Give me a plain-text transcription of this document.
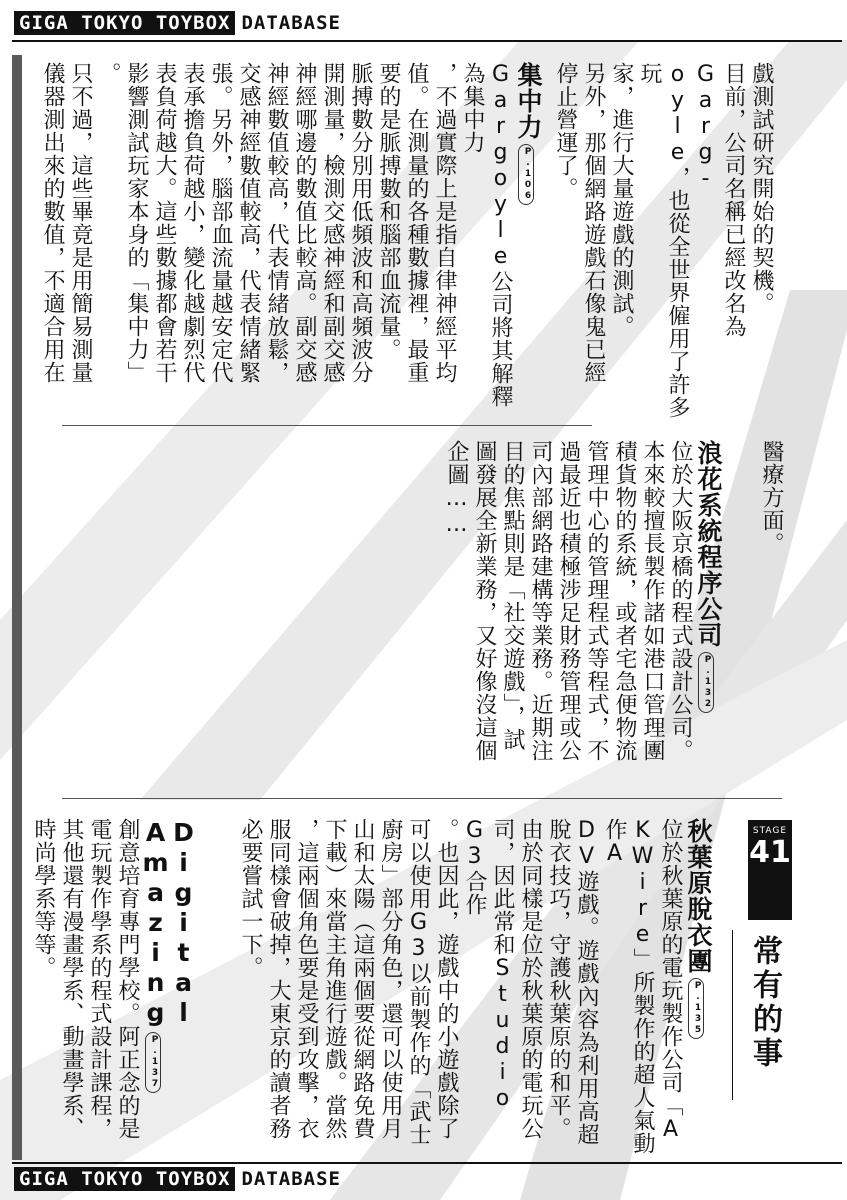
GIGA TOKYO TOYBOX DATABASE
戲測試研究開始的契機。
目前，公司名稱已經改名為Garg-
oyle，也從全世界僱用了許多玩
家，進行大量遊戲的測試。
另外，那個網路遊戲石像鬼已經
停止營運了。
集中力P.106
Gargoyle公司將其解釋為集中力
，不過實際上是指自律神經平均
值。在測量的各種數據裡，最重
要的是脈搏數和腦部血流量。
脈搏數分別用低頻波和高頻波分
開測量，檢測交感神經和副交感
神經哪邊的數值比較高。副交感
神經數值較高，代表情緒放鬆，
交感神經數值較高，代表情緒緊
張。另外，腦部血流量越安定代
表承擔負荷越小，變化越劇烈代
表負荷越大。這些數據都會若干
影響測試玩家本身的「集中力」
。
只不過，這些畢竟是用簡易測量
儀器測出來的數值，不適合用在
醫療方面。
浪花系統程序公司P.132
位於大阪京橋的程式設計公司。
本來較擅長製作諸如港口管理團
積貨物的系統，或者宅急便物流
管理中心的管理程式等程式，不
過最近也積極涉足財務管理或公
司內部網路建構等業務。近期注
目的焦點則是「社交遊戲」，試
圖發展全新業務，又好像沒這個
企圖……
STAGE
41
常有的事
秋葉原脫衣團P.135
位於秋葉原的電玩製作公司「A
KWire」所製作的超人氣動作A
DV遊戲。遊戲內容為利用高超
脫衣技巧，守護秋葉原的和平。
由於同樣是位於秋葉原的電玩公
司，因此常和Studio G3合作
。也因此，遊戲中的小遊戲除了
可以使用G3以前製作的「武士
廚房」部分角色，還可以使用月
山和太陽（這兩個要從網路免費
下載）來當主角進行遊戲。當然
，這兩個角色要是受到攻擊，衣
服同樣會破掉，大東京的讀者務
必要嘗試一下。
Digital AmazingP.137
創意培育專門學校。阿正念的是
電玩製作學系的程式設計課程，
其他還有漫畫學系、動畫學系、
時尚學系等等。
GIGA TOKYO TOYBOX DATABASE
